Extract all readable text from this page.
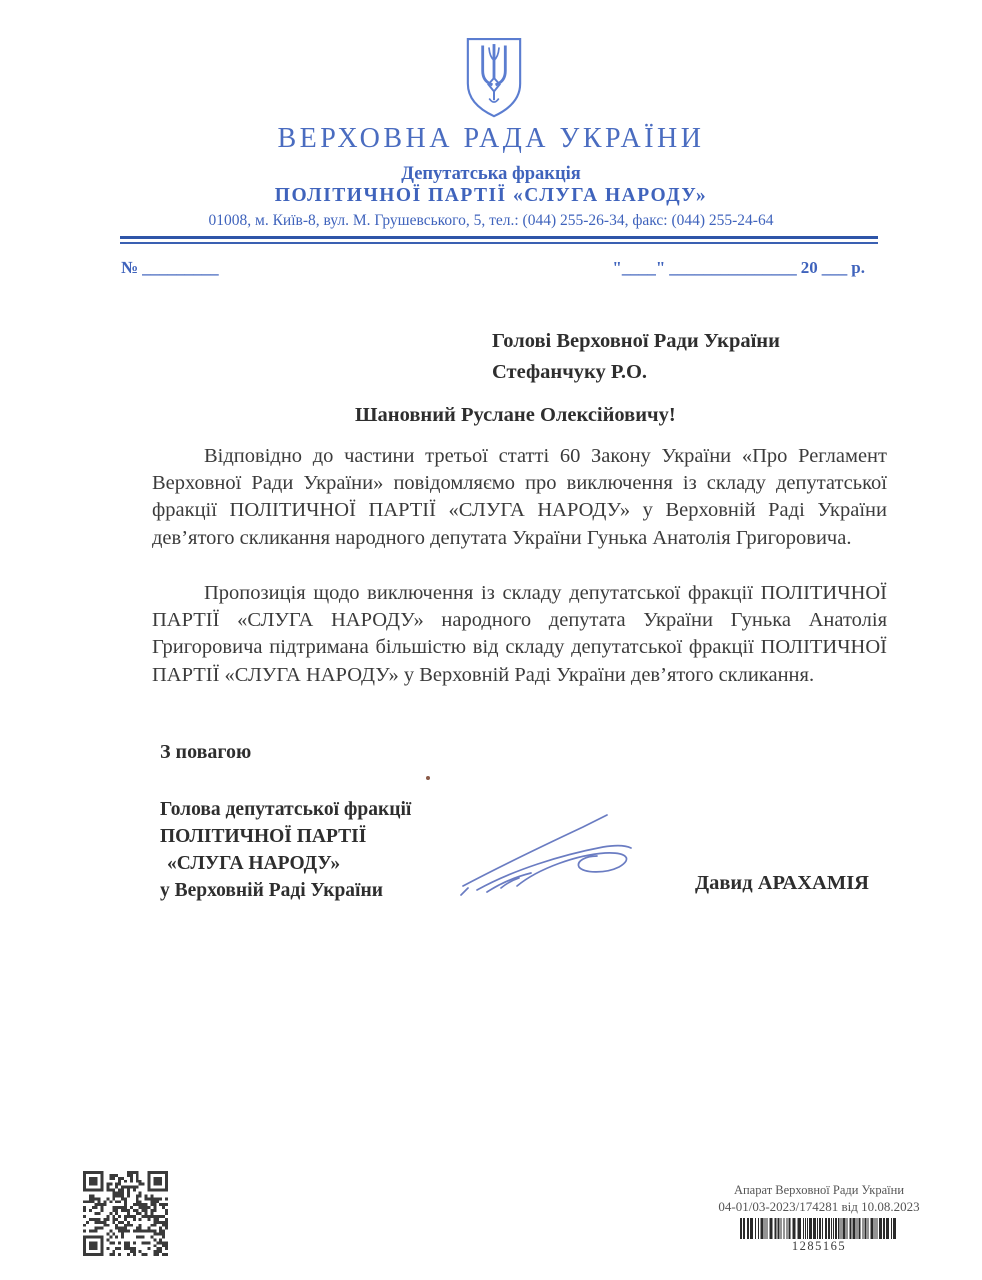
ВЕРХОВНА РАДА УКРАЇНИ
Депутатська фракція
ПОЛІТИЧНОЇ ПАРТІЇ «СЛУГА НАРОДУ»
01008, м. Київ-8, вул. М. Грушевського, 5, тел.: (044) 255-26-34, факс: (044) 255-24-64
№ _________	"____" _______________ 20 ___ р.
Голові Верховної Ради України
Стефанчуку Р.О.
Шановний Руслане Олексійовичу!

Відповідно до частини третьої статті 60 Закону України «Про Регламент Верховної Ради України» повідомляємо про виключення із складу депутатської фракції ПОЛІТИЧНОЇ ПАРТІЇ «СЛУГА НАРОДУ» у Верховній Раді України дев’ятого скликання народного депутата України Гунька Анатолія Григоровича.

Пропозиція щодо виключення із складу депутатської фракції ПОЛІТИЧНОЇ ПАРТІЇ «СЛУГА НАРОДУ» народного депутата України Гунька Анатолія Григоровича підтримана більшістю від складу депутатської фракції ПОЛІТИЧНОЇ ПАРТІЇ «СЛУГА НАРОДУ» у Верховній Раді України дев’ятого скликання.

З повагою
Голова депутатської фракції
ПОЛІТИЧНОЇ ПАРТІЇ
«СЛУГА НАРОДУ»
у Верховній Раді України	Давид АРАХАМІЯ
Апарат Верховної Ради України
04-01/03-2023/174281 від 10.08.2023
1285165
